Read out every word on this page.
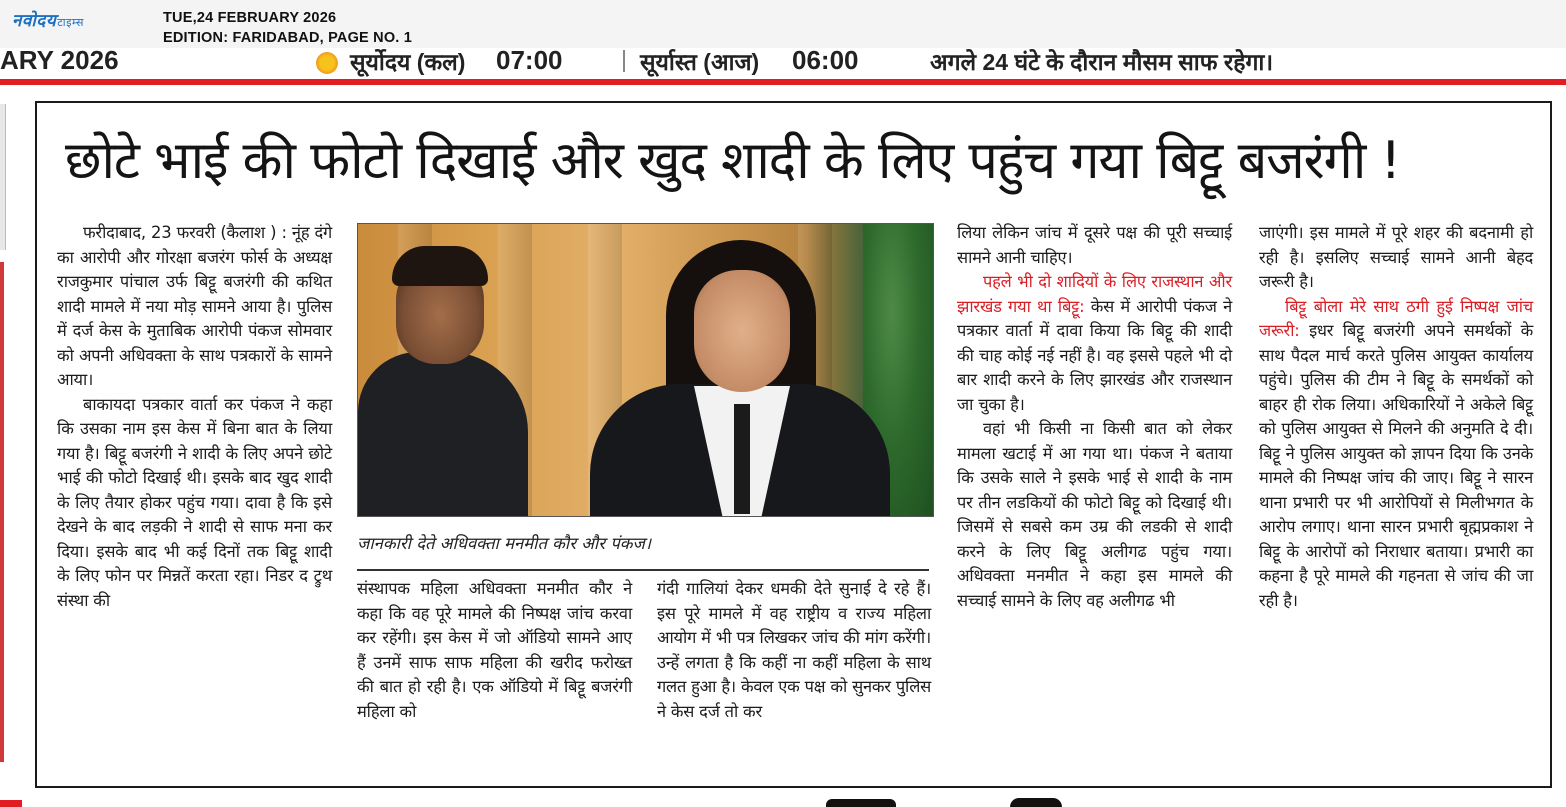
नवोदयटाइम्स	TUE,24 FEBRUARY 2026
EDITION: FARIDABAD, PAGE NO. 1
ARY 2026	सूर्योदय (कल) 07:00	सूर्यास्त (आज) 06:00	अगले 24 घंटे के दौरान मौसम साफ रहेगा।
छोटे भाई की फोटो दिखाई और खुद शादी के लिए पहुंच गया बिट्टू बजरंगी !

फरीदाबाद, 23 फरवरी (कैलाश ) : नूंह दंगे का आरोपी और गोरक्षा बजरंग फोर्स के अध्यक्ष राजकुमार पांचाल उर्फ बिट्टू बजरंगी की कथित शादी मामले में नया मोड़ सामने आया है। पुलिस में दर्ज केस के मुताबिक आरोपी पंकज सोमवार को अपनी अधिवक्ता के साथ पत्रकारों के सामने आया।

बाकायदा पत्रकार वार्ता कर पंकज ने कहा कि उसका नाम इस केस में बिना बात के लिया गया है। बिट्टू बजरंगी ने शादी के लिए अपने छोटे भाई की फोटो दिखाई थी। इसके बाद खुद शादी के लिए तैयार होकर पहुंच गया। दावा है कि इसे देखने के बाद लड़की ने शादी से साफ मना कर दिया। इसके बाद भी कई दिनों तक बिट्टू शादी के लिए फोन पर मिन्नतें करता रहा। निडर द ट्रुथ संस्था की

जानकारी देते अधिवक्ता मनमीत कौर और पंकज।

संस्थापक महिला अधिवक्ता मनमीत कौर ने कहा कि वह पूरे मामले की निष्पक्ष जांच करवा कर रहेंगी। इस केस में जो ऑडियो सामने आए हैं उनमें साफ साफ महिला की खरीद फरोख्त की बात हो रही है। एक ऑडियो में बिट्टू बजरंगी महिला को

गंदी गालियां देकर धमकी देते सुनाई दे रहे हैं। इस पूरे मामले में वह राष्ट्रीय व राज्य महिला आयोग में भी पत्र लिखकर जांच की मांग करेंगी। उन्हें लगता है कि कहीं ना कहीं महिला के साथ गलत हुआ है। केवल एक पक्ष को सुनकर पुलिस ने केस दर्ज तो कर

लिया लेकिन जांच में दूसरे पक्ष की पूरी सच्चाई सामने आनी चाहिए।

पहले भी दो शादियों के लिए राजस्थान और झारखंड गया था बिट्टू: केस में आरोपी पंकज ने पत्रकार वार्ता में दावा किया कि बिट्टू की शादी की चाह कोई नई नहीं है। वह इससे पहले भी दो बार शादी करने के लिए झारखंड और राजस्थान जा चुका है।

वहां भी किसी ना किसी बात को लेकर मामला खटाई में आ गया था। पंकज ने बताया कि उसके साले ने इसके भाई से शादी के नाम पर तीन लडकियों की फोटो बिट्टू को दिखाई थी। जिसमें से सबसे कम उम्र की लडकी से शादी करने के लिए बिट्टू अलीगढ पहुंच गया। अधिवक्ता मनमीत ने कहा इस मामले की सच्चाई सामने के लिए वह अलीगढ भी

जाएंगी। इस मामले में पूरे शहर की बदनामी हो रही है। इसलिए सच्चाई सामने आनी बेहद जरूरी है।

बिट्टू बोला मेरे साथ ठगी हुई निष्पक्ष जांच जरूरी: इधर बिट्टू बजरंगी अपने समर्थकों के साथ पैदल मार्च करते पुलिस आयुक्त कार्यालय पहुंचे। पुलिस की टीम ने बिट्टू के समर्थकों को बाहर ही रोक लिया। अधिकारियों ने अकेले बिट्टू को पुलिस आयुक्त से मिलने की अनुमति दे दी। बिट्टू ने पुलिस आयुक्त को ज्ञापन दिया कि उनके मामले की निष्पक्ष जांच की जाए। बिट्टू ने सारन थाना प्रभारी पर भी आरोपियों से मिलीभगत के आरोप लगाए। थाना सारन प्रभारी बृह्मप्रकाश ने बिट्टू के आरोपों को निराधार बताया। प्रभारी का कहना है पूरे मामले की गहनता से जांच की जा रही है।
